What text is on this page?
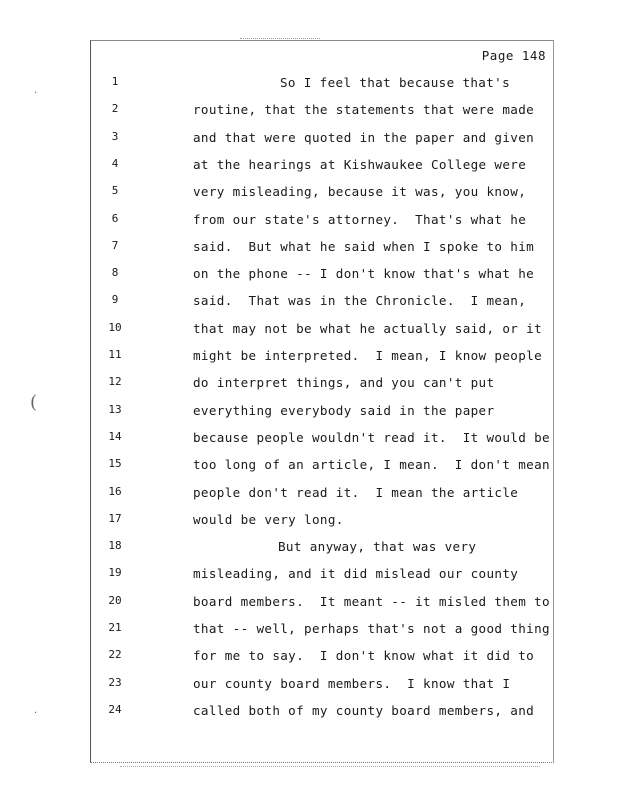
Page 148
·
(
·
1	So I feel that because that's
2	routine, that the statements that were made
3	and that were quoted in the paper and given
4	at the hearings at Kishwaukee College were
5	very misleading, because it was, you know,
6	from our state's attorney.  That's what he
7	said.  But what he said when I spoke to him
8	on the phone -- I don't know that's what he
9	said.  That was in the Chronicle.  I mean,
10	that may not be what he actually said, or it
11	might be interpreted.  I mean, I know people
12	do interpret things, and you can't put
13	everything everybody said in the paper
14	because people wouldn't read it.  It would be
15	too long of an article, I mean.  I don't mean
16	people don't read it.  I mean the article
17	would be very long.
18	But anyway, that was very
19	misleading, and it did mislead our county
20	board members.  It meant -- it misled them to
21	that -- well, perhaps that's not a good thing
22	for me to say.  I don't know what it did to
23	our county board members.  I know that I
24	called both of my county board members, and
